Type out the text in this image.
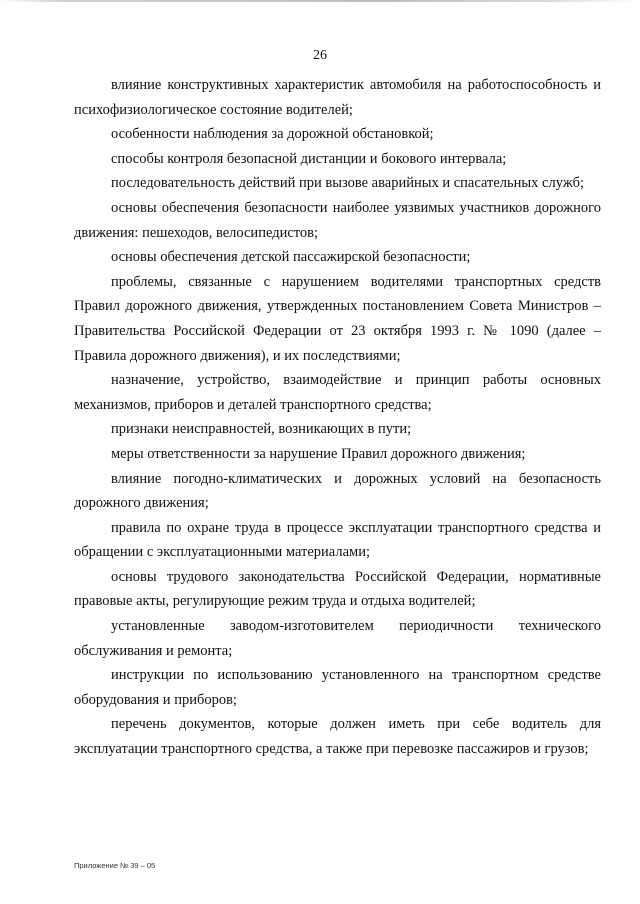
26

влияние конструктивных характеристик автомобиля на работоспособность и психофизиологическое состояние водителей;

особенности наблюдения за дорожной обстановкой;

способы контроля безопасной дистанции и бокового интервала;

последовательность действий при вызове аварийных и спасательных служб;

основы обеспечения безопасности наиболее уязвимых участников дорожного движения: пешеходов, велосипедистов;

основы обеспечения детской пассажирской безопасности;

проблемы, связанные с нарушением водителями транспортных средств Правил дорожного движения, утвержденных постановлением Совета Министров – Правительства Российской Федерации от 23 октября 1993 г. № 1090 (далее – Правила дорожного движения), и их последствиями;

назначение, устройство, взаимодействие и принцип работы основных механизмов, приборов и деталей транспортного средства;

признаки неисправностей, возникающих в пути;

меры ответственности за нарушение Правил дорожного движения;

влияние погодно-климатических и дорожных условий на безопасность дорожного движения;

правила по охране труда в процессе эксплуатации транспортного средства и обращении с эксплуатационными материалами;

основы трудового законодательства Российской Федерации, нормативные правовые акты, регулирующие режим труда и отдыха водителей;

установленные заводом-изготовителем периодичности технического обслуживания и ремонта;

инструкции по использованию установленного на транспортном средстве оборудования и приборов;

перечень документов, которые должен иметь при себе водитель для эксплуатации транспортного средства, а также при перевозке пассажиров и грузов;

Приложение № 39 – 05
